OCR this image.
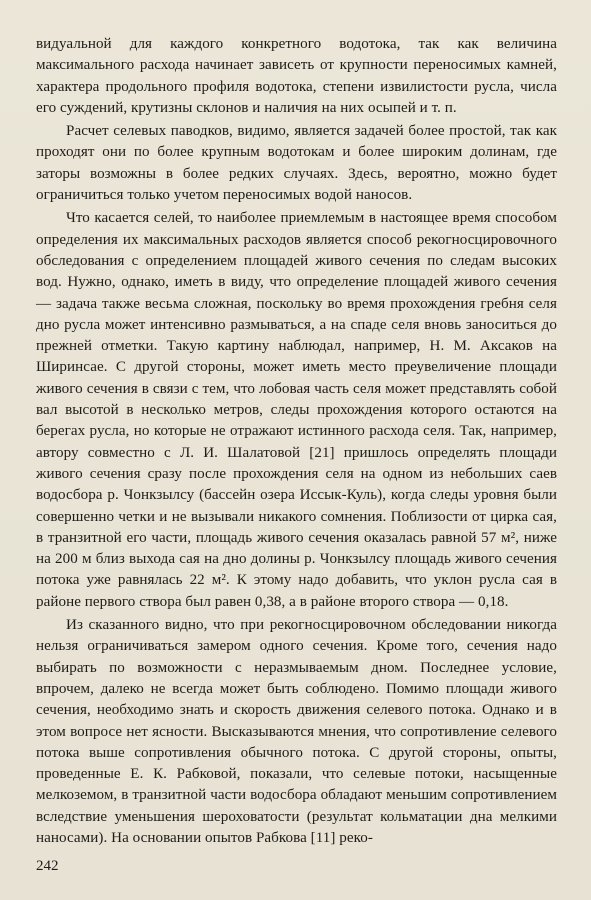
видуальной для каждого конкретного водотока, так как величина максимального расхода начинает зависеть от крупности переносимых камней, характера продольного профиля водотока, степени извилистости русла, числа его суждений, крутизны склонов и наличия на них осыпей и т. п.

Расчет селевых паводков, видимо, является задачей более простой, так как проходят они по более крупным водотокам и более широким долинам, где заторы возможны в более редких случаях. Здесь, вероятно, можно будет ограничиться только учетом переносимых водой наносов.

Что касается селей, то наиболее приемлемым в настоящее время способом определения их максимальных расходов является способ рекогносцировочного обследования с определением площадей живого сечения по следам высоких вод. Нужно, однако, иметь в виду, что определение площадей живого сечения — задача также весьма сложная, поскольку во время прохождения гребня селя дно русла может интенсивно размываться, а на спаде селя вновь заноситься до прежней отметки. Такую картину наблюдал, например, Н. М. Аксаков на Ширинсае. С другой стороны, может иметь место преувеличение площади живого сечения в связи с тем, что лобовая часть селя может представлять собой вал высотой в несколько метров, следы прохождения которого остаются на берегах русла, но которые не отражают истинного расхода селя. Так, например, автору совместно с Л. И. Шалатовой [21] пришлось определять площади живого сечения сразу после прохождения селя на одном из небольших саев водосбора р. Чонкзылсу (бассейн озера Иссык-Куль), когда следы уровня были совершенно четки и не вызывали никакого сомнения. Поблизости от цирка сая, в транзитной его части, площадь живого сечения оказалась равной 57 м², ниже на 200 м близ выхода сая на дно долины р. Чонкзылсу площадь живого сечения потока уже равнялась 22 м². К этому надо добавить, что уклон русла сая в районе первого створа был равен 0,38, а в районе второго створа — 0,18.

Из сказанного видно, что при рекогносцировочном обследовании никогда нельзя ограничиваться замером одного сечения. Кроме того, сечения надо выбирать по возможности с неразмываемым дном. Последнее условие, впрочем, далеко не всегда может быть соблюдено. Помимо площади живого сечения, необходимо знать и скорость движения селевого потока. Однако и в этом вопросе нет ясности. Высказываются мнения, что сопротивление селевого потока выше сопротивления обычного потока. С другой стороны, опыты, проведенные Е. К. Рабковой, показали, что селевые потоки, насыщенные мелкоземом, в транзитной части водосбора обладают меньшим сопротивлением вследствие уменьшения шероховатости (результат кольматации дна мелкими наносами). На основании опытов Рабкова [11] реко-

242
